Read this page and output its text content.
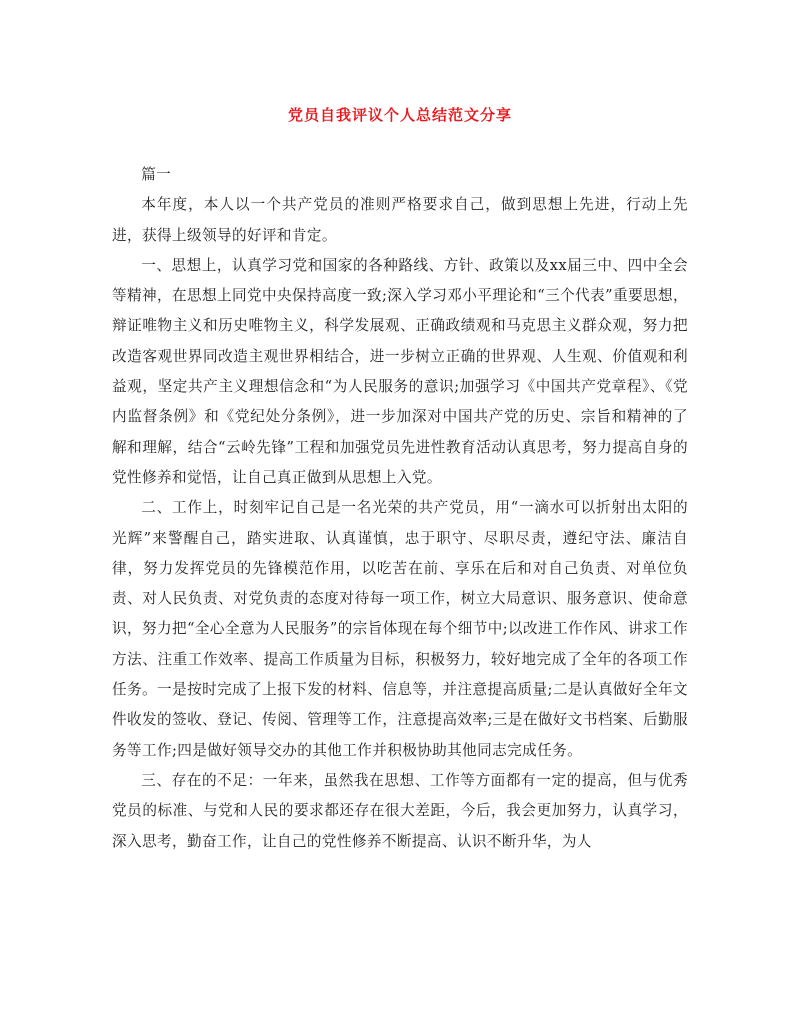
党员自我评议个人总结范文分享

篇一

本年度，本人以一个共产党员的准则严格要求自己，做到思想上先进，行动上先进，获得上级领导的好评和肯定。

一、思想上，认真学习党和国家的各种路线、方针、政策以及xx届三中、四中全会等精神，在思想上同党中央保持高度一致;深入学习邓小平理论和“三个代表”重要思想，辩证唯物主义和历史唯物主义，科学发展观、正确政绩观和马克思主义群众观，努力把改造客观世界同改造主观世界相结合，进一步树立正确的世界观、人生观、价值观和利益观，坚定共产主义理想信念和“为人民服务的意识;加强学习《中国共产党章程》、《党内监督条例》和《党纪处分条例》，进一步加深对中国共产党的历史、宗旨和精神的了解和理解，结合“云岭先锋”工程和加强党员先进性教育活动认真思考，努力提高自身的党性修养和觉悟，让自己真正做到从思想上入党。

二、工作上，时刻牢记自己是一名光荣的共产党员，用“一滴水可以折射出太阳的光辉”来警醒自己，踏实进取、认真谨慎，忠于职守、尽职尽责，遵纪守法、廉洁自律，努力发挥党员的先锋模范作用，以吃苦在前、享乐在后和对自己负责、对单位负责、对人民负责、对党负责的态度对待每一项工作，树立大局意识、服务意识、使命意识，努力把“全心全意为人民服务”的宗旨体现在每个细节中;以改进工作作风、讲求工作方法、注重工作效率、提高工作质量为目标，积极努力，较好地完成了全年的各项工作任务。一是按时完成了上报下发的材料、信息等，并注意提高质量;二是认真做好全年文件收发的签收、登记、传阅、管理等工作，注意提高效率;三是在做好文书档案、后勤服务等工作;四是做好领导交办的其他工作并积极协助其他同志完成任务。

三、存在的不足：一年来，虽然我在思想、工作等方面都有一定的提高，但与优秀党员的标准、与党和人民的要求都还存在很大差距，今后，我会更加努力，认真学习，深入思考，勤奋工作，让自己的党性修养不断提高、认识不断升华，为人
